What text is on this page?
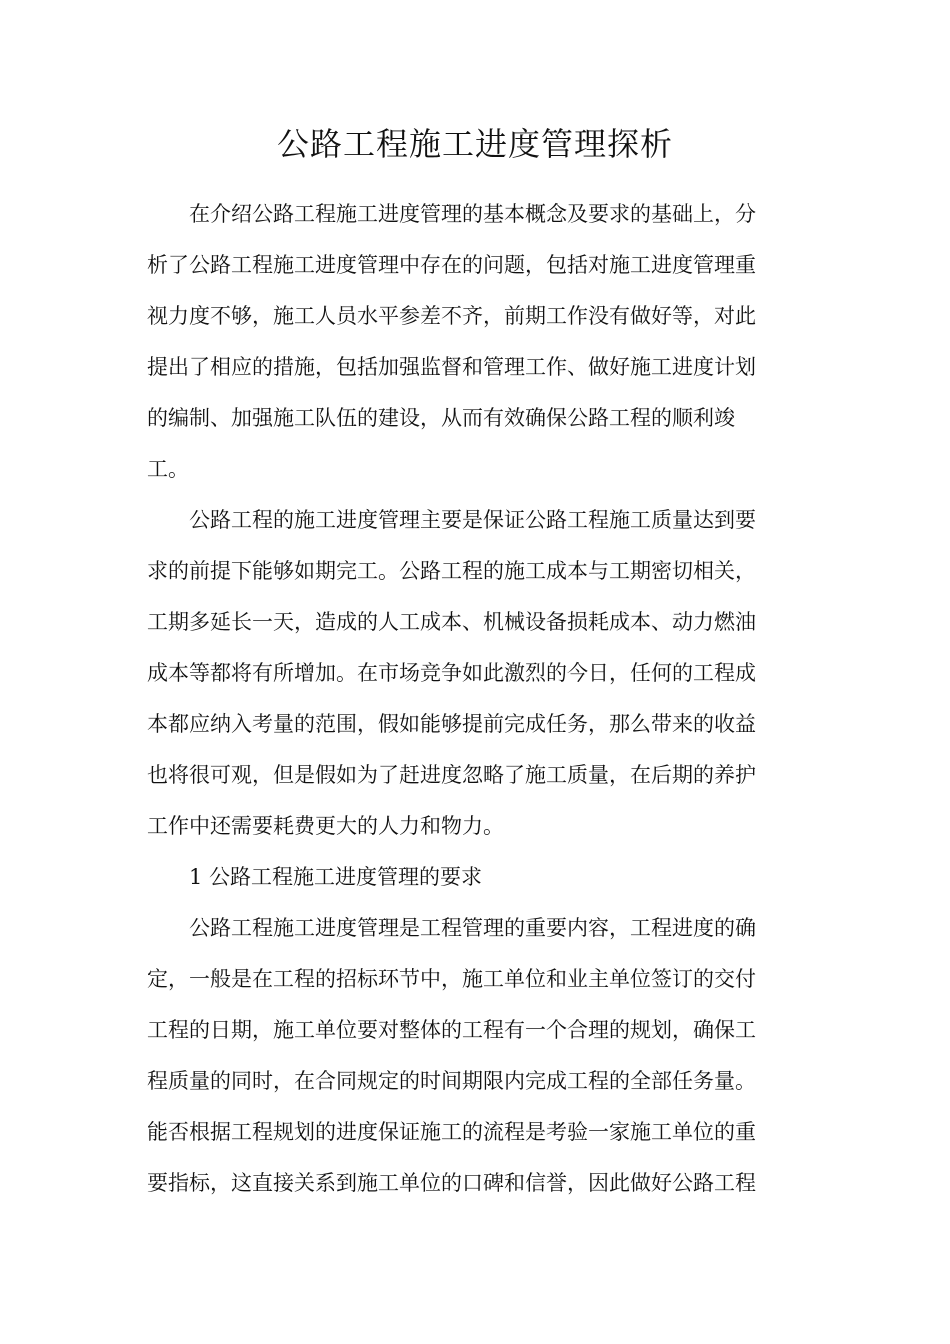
公路工程施工进度管理探析
在介绍公路工程施工进度管理的基本概念及要求的基础上，分
析了公路工程施工进度管理中存在的问题，包括对施工进度管理重
视力度不够，施工人员水平参差不齐，前期工作没有做好等，对此
提出了相应的措施，包括加强监督和管理工作、做好施工进度计划
的编制、加强施工队伍的建设，从而有效确保公路工程的顺利竣
工。
公路工程的施工进度管理主要是保证公路工程施工质量达到要
求的前提下能够如期完工。公路工程的施工成本与工期密切相关，
工期多延长一天，造成的人工成本、机械设备损耗成本、动力燃油
成本等都将有所增加。在市场竞争如此激烈的今日，任何的工程成
本都应纳入考量的范围，假如能够提前完成任务，那么带来的收益
也将很可观，但是假如为了赶进度忽略了施工质量，在后期的养护
工作中还需要耗费更大的人力和物力。
1 公路工程施工进度管理的要求
公路工程施工进度管理是工程管理的重要内容，工程进度的确
定，一般是在工程的招标环节中，施工单位和业主单位签订的交付
工程的日期，施工单位要对整体的工程有一个合理的规划，确保工
程质量的同时，在合同规定的时间期限内完成工程的全部任务量。
能否根据工程规划的进度保证施工的流程是考验一家施工单位的重
要指标，这直接关系到施工单位的口碑和信誉，因此做好公路工程
